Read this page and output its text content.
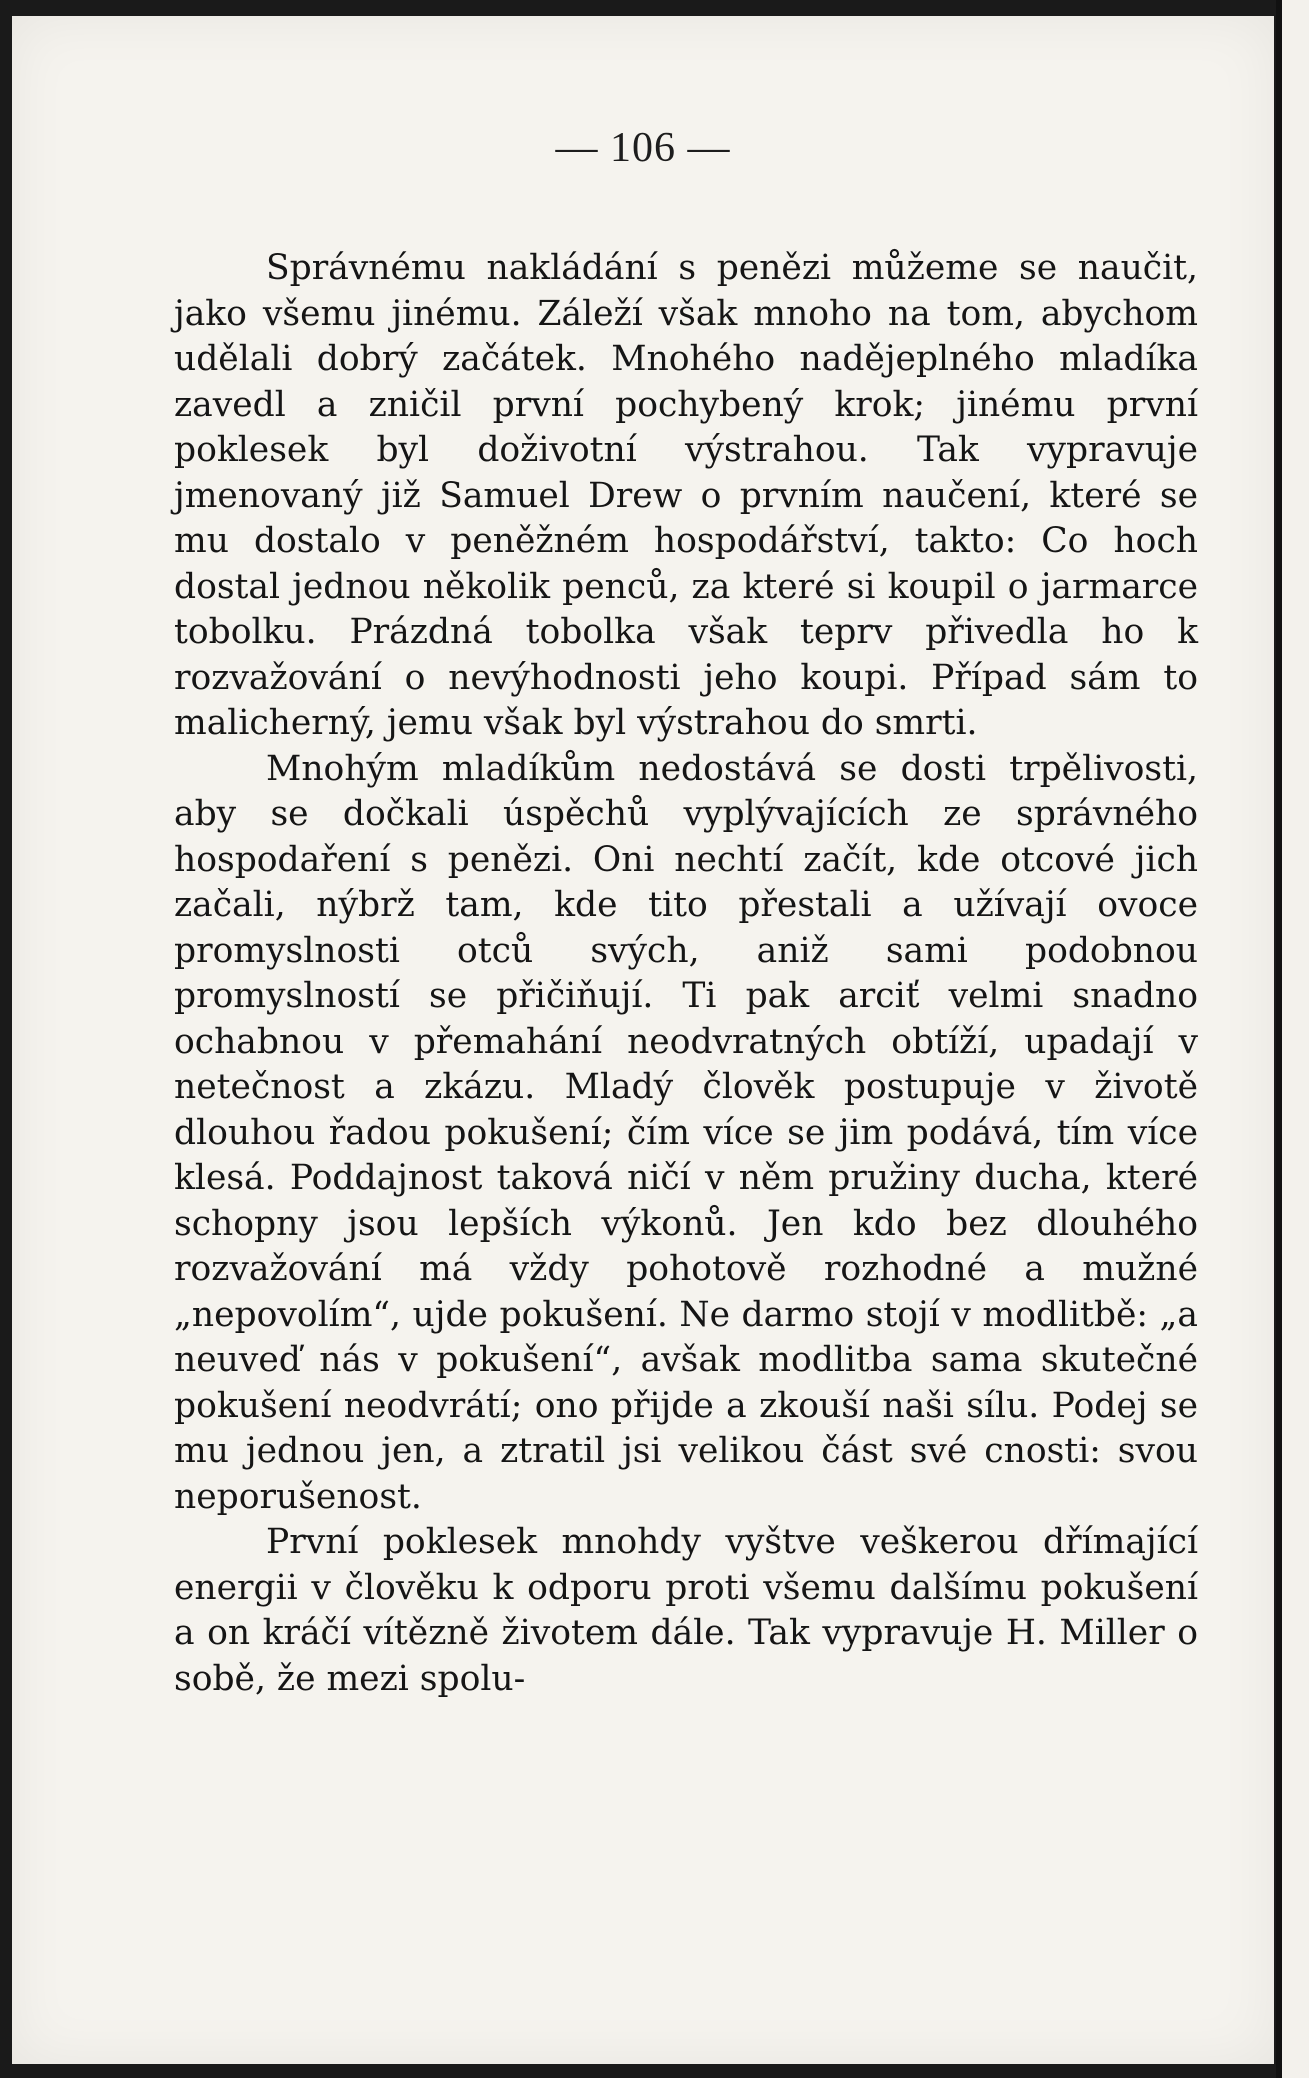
— 106 —

Správnému nakládání s penězi můžeme se naučit, jako všemu jinému. Záleží však mnoho na tom, abychom udělali dobrý začátek. Mnohého nadějeplného mladíka zavedl a zničil první pochybený krok; jinému první poklesek byl doživotní výstrahou. Tak vypravuje jmenovaný již Samuel Drew o prvním naučení, které se mu dostalo v peněžném hospodářství, takto: Co hoch dostal jednou několik penců, za které si koupil o jarmarce tobolku. Prázdná tobolka však teprv přivedla ho k rozvažování o nevýhodnosti jeho koupi. Případ sám to malicherný, jemu však byl výstrahou do smrti.

Mnohým mladíkům nedostává se dosti trpělivosti, aby se dočkali úspěchů vyplývajících ze správného hospodaření s penězi. Oni nechtí začít, kde otcové jich začali, nýbrž tam, kde tito přestali a užívají ovoce promyslnosti otců svých, aniž sami podobnou promyslností se přičiňují. Ti pak arciť velmi snadno ochabnou v přemahání neodvratných obtíží, upadají v netečnost a zkázu. Mladý člověk postupuje v životě dlouhou řadou pokušení; čím více se jim podává, tím více klesá. Poddajnost taková ničí v něm pružiny ducha, které schopny jsou lepších výkonů. Jen kdo bez dlouhého rozvažování má vždy pohotově rozhodné a mužné „nepovolím“, ujde pokušení. Ne darmo stojí v modlitbě: „a neuveď nás v pokušení“, avšak modlitba sama skutečné pokušení neodvrátí; ono přijde a zkouší naši sílu. Podej se mu jednou jen, a ztratil jsi velikou část své cnosti: svou neporušenost.

První poklesek mnohdy vyštve veškerou dřímající energii v člověku k odporu proti všemu dalšímu pokušení a on kráčí vítězně životem dále. Tak vypravuje H. Miller o sobě, že mezi spolu-
